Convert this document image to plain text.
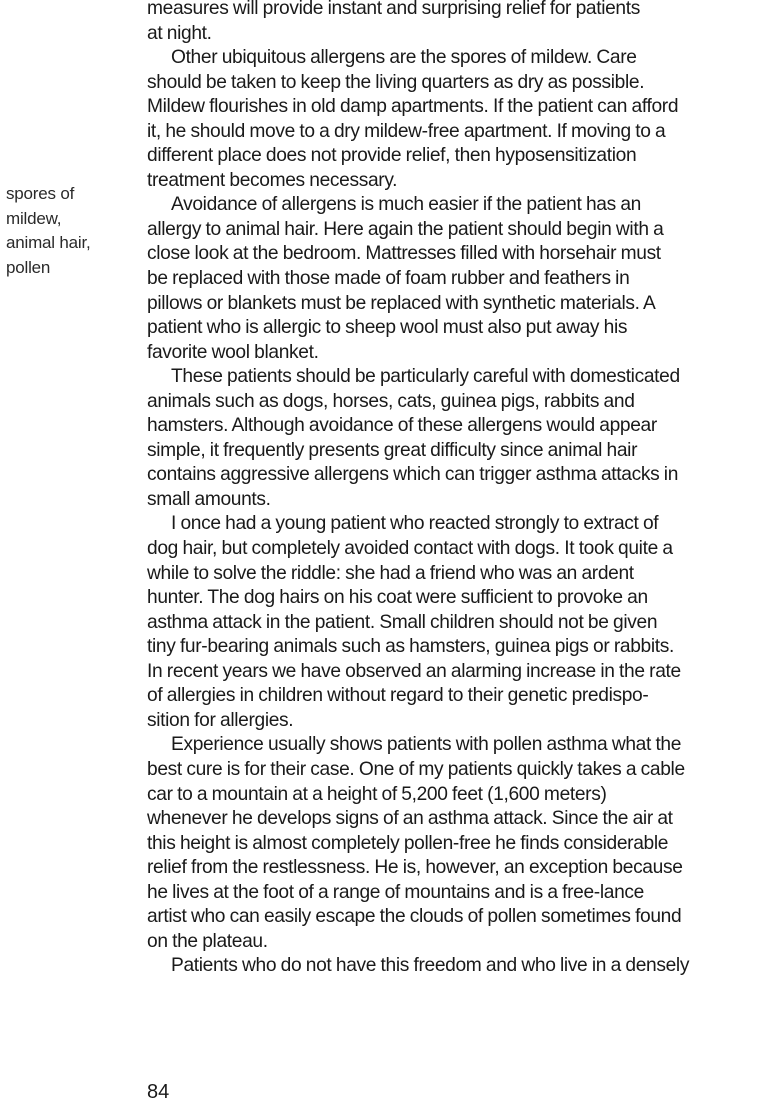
spores of
mildew,
animal hair,
pollen
measures will provide instant and surprising relief for patients
at night.
Other ubiquitous allergens are the spores of mildew. Care
should be taken to keep the living quarters as dry as possible.
Mildew flourishes in old damp apartments. If the patient can afford
it, he should move to a dry mildew-free apartment. If moving to a
different place does not provide relief, then hyposensitization
treatment becomes necessary.
Avoidance of allergens is much easier if the patient has an
allergy to animal hair. Here again the patient should begin with a
close look at the bedroom. Mattresses filled with horsehair must
be replaced with those made of foam rubber and feathers in
pillows or blankets must be replaced with synthetic materials. A
patient who is allergic to sheep wool must also put away his
favorite wool blanket.
These patients should be particularly careful with domesticated
animals such as dogs, horses, cats, guinea pigs, rabbits and
hamsters. Although avoidance of these allergens would appear
simple, it frequently presents great difficulty since animal hair
contains aggressive allergens which can trigger asthma attacks in
small amounts.
I once had a young patient who reacted strongly to extract of
dog hair, but completely avoided contact with dogs. It took quite a
while to solve the riddle: she had a friend who was an ardent
hunter. The dog hairs on his coat were sufficient to provoke an
asthma attack in the patient. Small children should not be given
tiny fur-bearing animals such as hamsters, guinea pigs or rabbits.
In recent years we have observed an alarming increase in the rate
of allergies in children without regard to their genetic predispo-
sition for allergies.
Experience usually shows patients with pollen asthma what the
best cure is for their case. One of my patients quickly takes a cable
car to a mountain at a height of 5,200 feet (1,600 meters)
whenever he develops signs of an asthma attack. Since the air at
this height is almost completely pollen-free he finds considerable
relief from the restlessness. He is, however, an exception because
he lives at the foot of a range of mountains and is a free-lance
artist who can easily escape the clouds of pollen sometimes found
on the plateau.
Patients who do not have this freedom and who live in a densely
84
